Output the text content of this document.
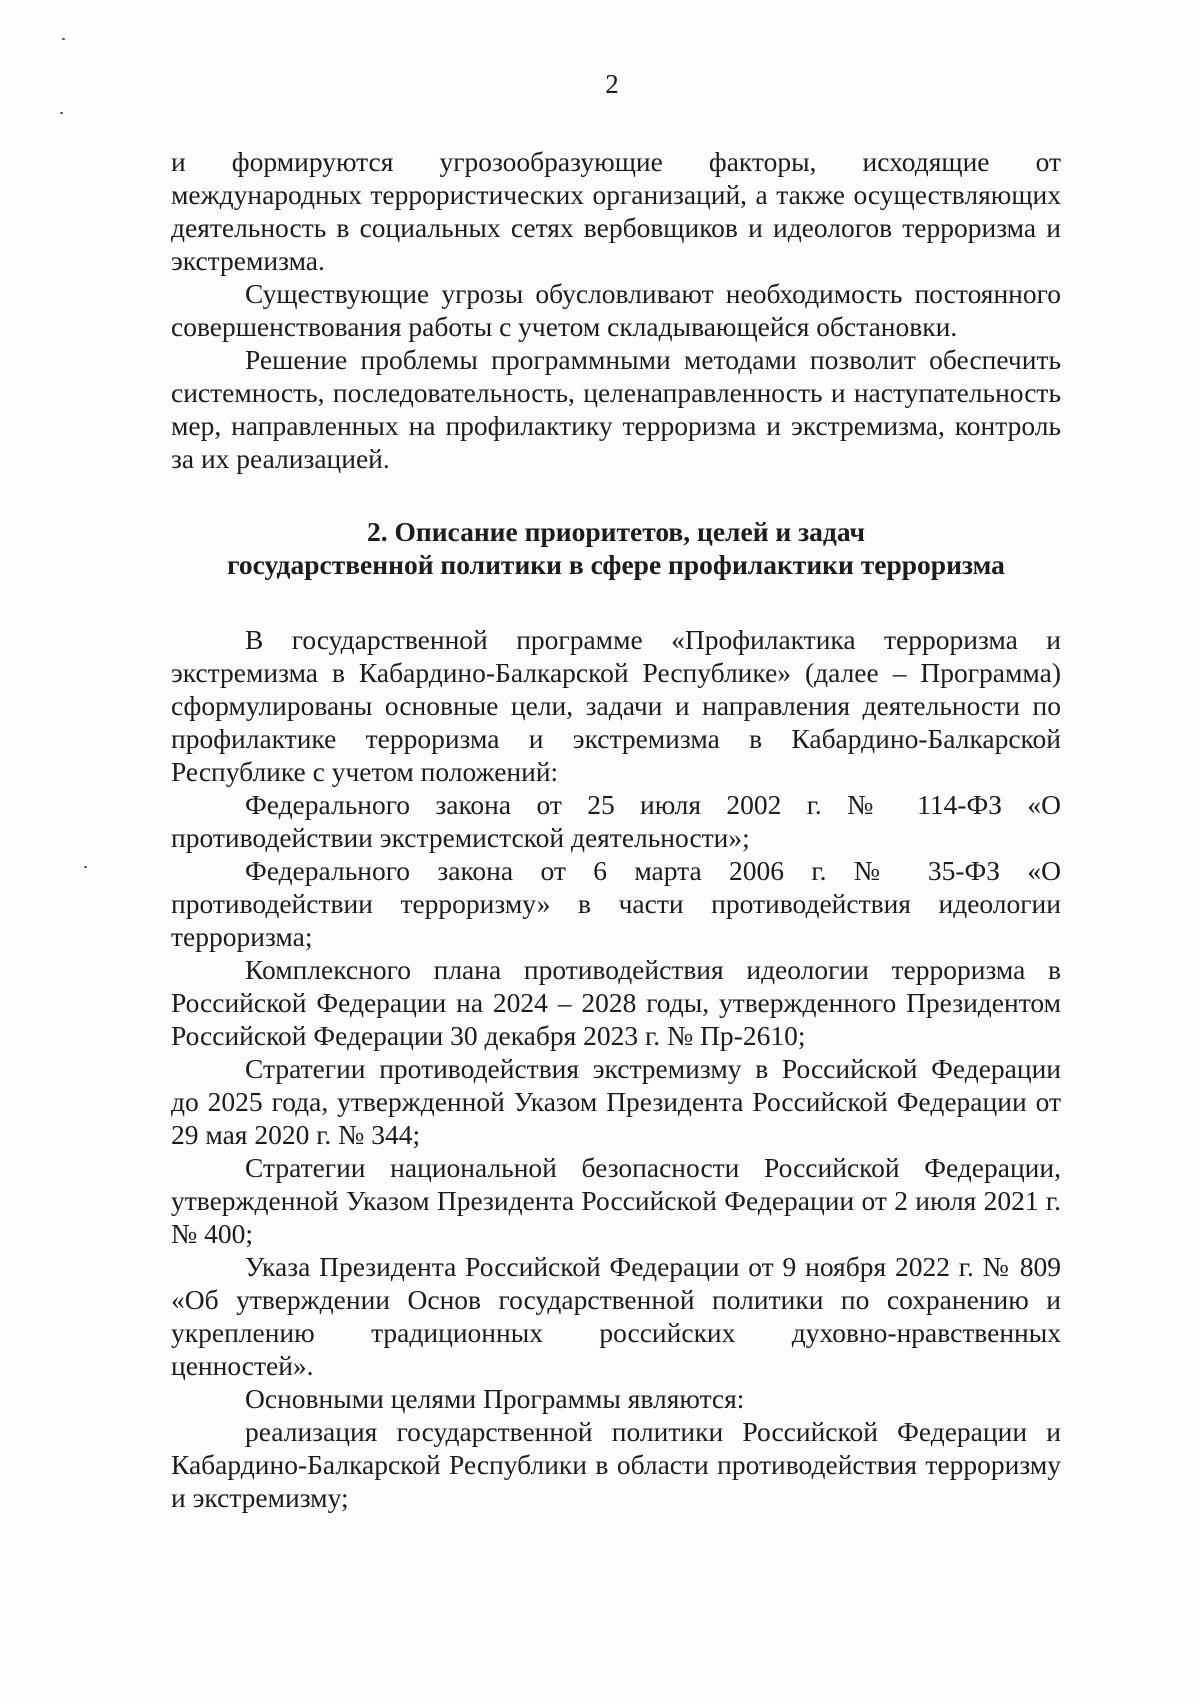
2

и формируются угрозообразующие факторы, исходящие от международных террористических организаций, а также осуществляющих деятельность в социальных сетях вербовщиков и идеологов терроризма и экстремизма.

Существующие угрозы обусловливают необходимость постоянного совершенствования работы с учетом складывающейся обстановки.

Решение проблемы программными методами позволит обеспечить системность, последовательность, целенаправленность и наступательность мер, направленных на профилактику терроризма и экстремизма, контроль за их реализацией.

2. Описание приоритетов, целей и задач
государственной политики в сфере профилактики терроризма

В государственной программе «Профилактика терроризма и экстремизма в Кабардино-Балкарской Республике» (далее – Программа) сформулированы основные цели, задачи и направления деятельности по профилактике терроризма и экстремизма в Кабардино-Балкарской Республике с учетом положений:

Федерального закона от 25 июля 2002 г. № 114-ФЗ «О противодействии экстремистской деятельности»;

Федерального закона от 6 марта 2006 г. № 35-ФЗ «О противодействии терроризму» в части противодействия идеологии терроризма;

Комплексного плана противодействия идеологии терроризма в Российской Федерации на 2024 – 2028 годы, утвержденного Президентом Российской Федерации 30 декабря 2023 г. № Пр-2610;

Стратегии противодействия экстремизму в Российской Федерации до 2025 года, утвержденной Указом Президента Российской Федерации от 29 мая 2020 г. № 344;

Стратегии национальной безопасности Российской Федерации, утвержденной Указом Президента Российской Федерации от 2 июля 2021 г. № 400;

Указа Президента Российской Федерации от 9 ноября 2022 г. № 809 «Об утверждении Основ государственной политики по сохранению и укреплению традиционных российских духовно-нравственных ценностей».

Основными целями Программы являются:

реализация государственной политики Российской Федерации и Кабардино-Балкарской Республики в области противодействия терроризму и экстремизму;
